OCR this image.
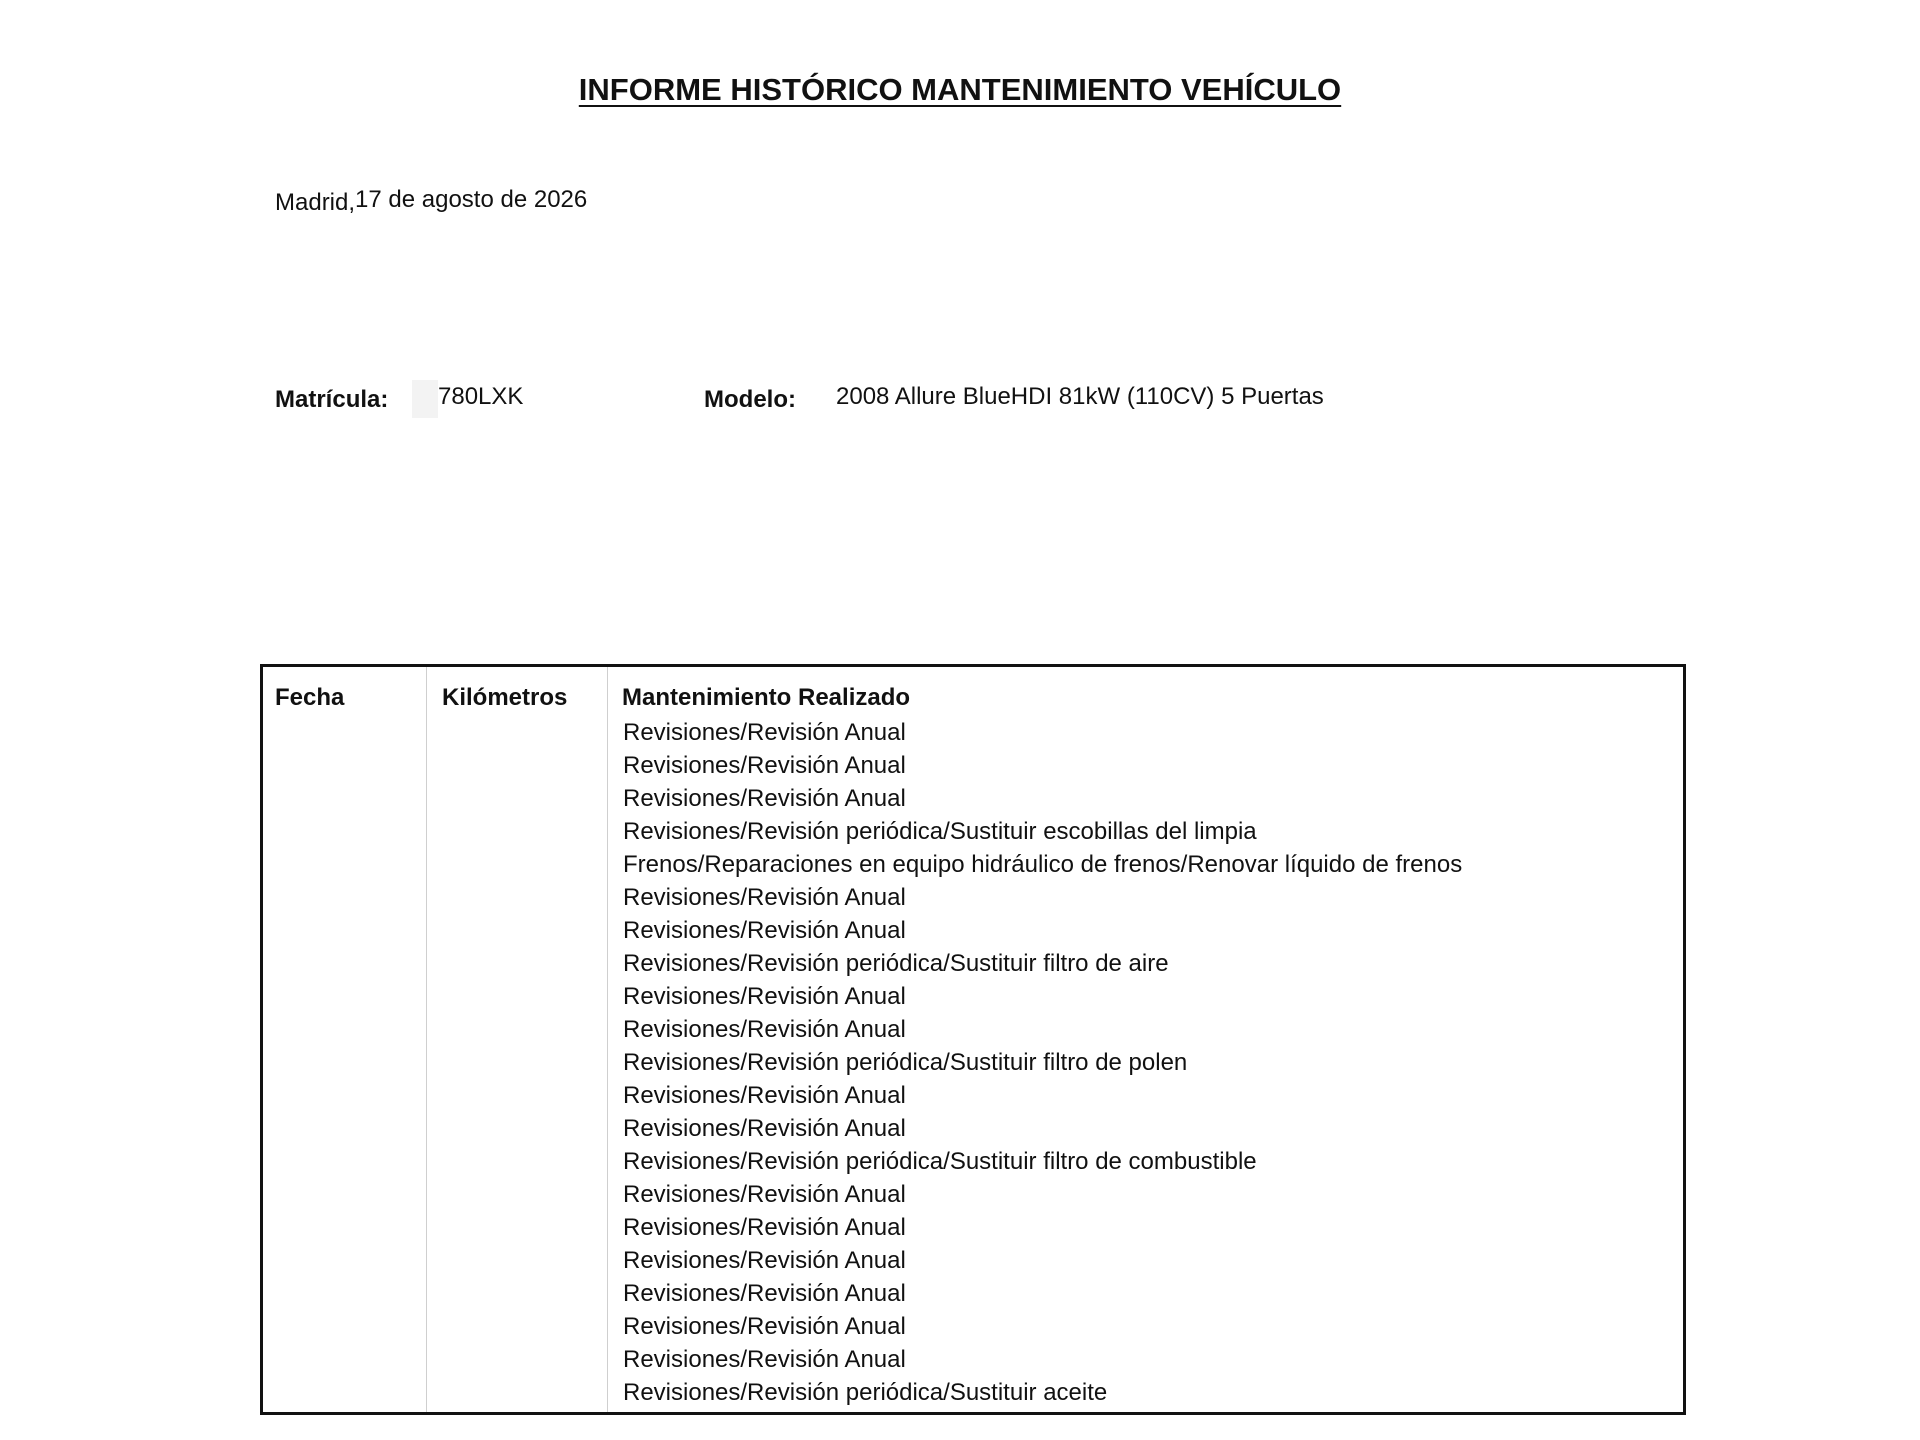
INFORME HISTÓRICO MANTENIMIENTO VEHÍCULO
Madrid,17 de agosto de 2026
Matrícula: 780LXK	Modelo: 2008 Allure BlueHDI 81kW (110CV) 5 Puertas
Fecha	Kilómetros Mantenimiento Realizado
Revisiones/Revisión Anual
Revisiones/Revisión Anual
Revisiones/Revisión Anual
Revisiones/Revisión periódica/Sustituir escobillas del limpia
Frenos/Reparaciones en equipo hidráulico de frenos/Renovar líquido de frenos
Revisiones/Revisión Anual
Revisiones/Revisión Anual
Revisiones/Revisión periódica/Sustituir filtro de aire
Revisiones/Revisión Anual
Revisiones/Revisión Anual
Revisiones/Revisión periódica/Sustituir filtro de polen
Revisiones/Revisión Anual
Revisiones/Revisión Anual
Revisiones/Revisión periódica/Sustituir filtro de combustible
Revisiones/Revisión Anual
Revisiones/Revisión Anual
Revisiones/Revisión Anual
Revisiones/Revisión Anual
Revisiones/Revisión Anual
Revisiones/Revisión Anual
Revisiones/Revisión periódica/Sustituir aceite
